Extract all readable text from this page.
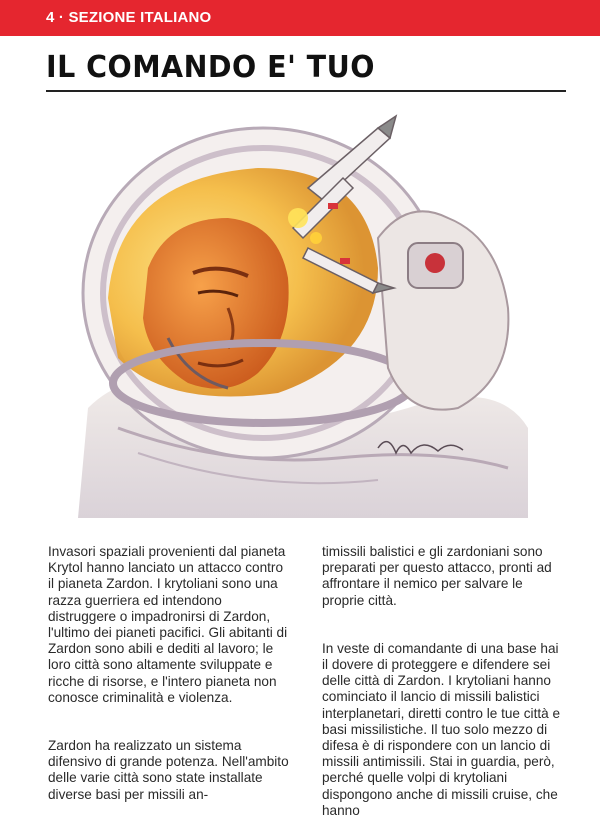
4 · SEZIONE ITALIANO
IL COMANDO E' TUO

Invasori spaziali provenienti dal pianeta Krytol hanno lanciato un attacco contro il pianeta Zardon. I krytoliani sono una razza guerriera ed intendono distruggere o impadronirsi di Zardon, l'ultimo dei pianeti pacifici. Gli abitanti di Zardon sono abili e dediti al lavoro; le loro città sono altamente sviluppate e ricche di risorse, e l'intero pianeta non conosce criminalità e violenza.

Zardon ha realizzato un sistema difensivo di grande potenza. Nell'ambito delle varie città sono state installate diverse basi per missili an-

timissili balistici e gli zardoniani sono preparati per questo attacco, pronti ad affrontare il nemico per salvare le proprie città.

In veste di comandante di una base hai il dovere di proteggere e difendere sei delle città di Zardon. I krytoliani hanno cominciato il lancio di missili balistici interplanetari, diretti contro le tue città e basi missilistiche. Il tuo solo mezzo di difesa è di rispondere con un lancio di missili antimissili. Stai in guardia, però, perché quelle volpi di krytoliani dispongono anche di missili cruise, che hanno
